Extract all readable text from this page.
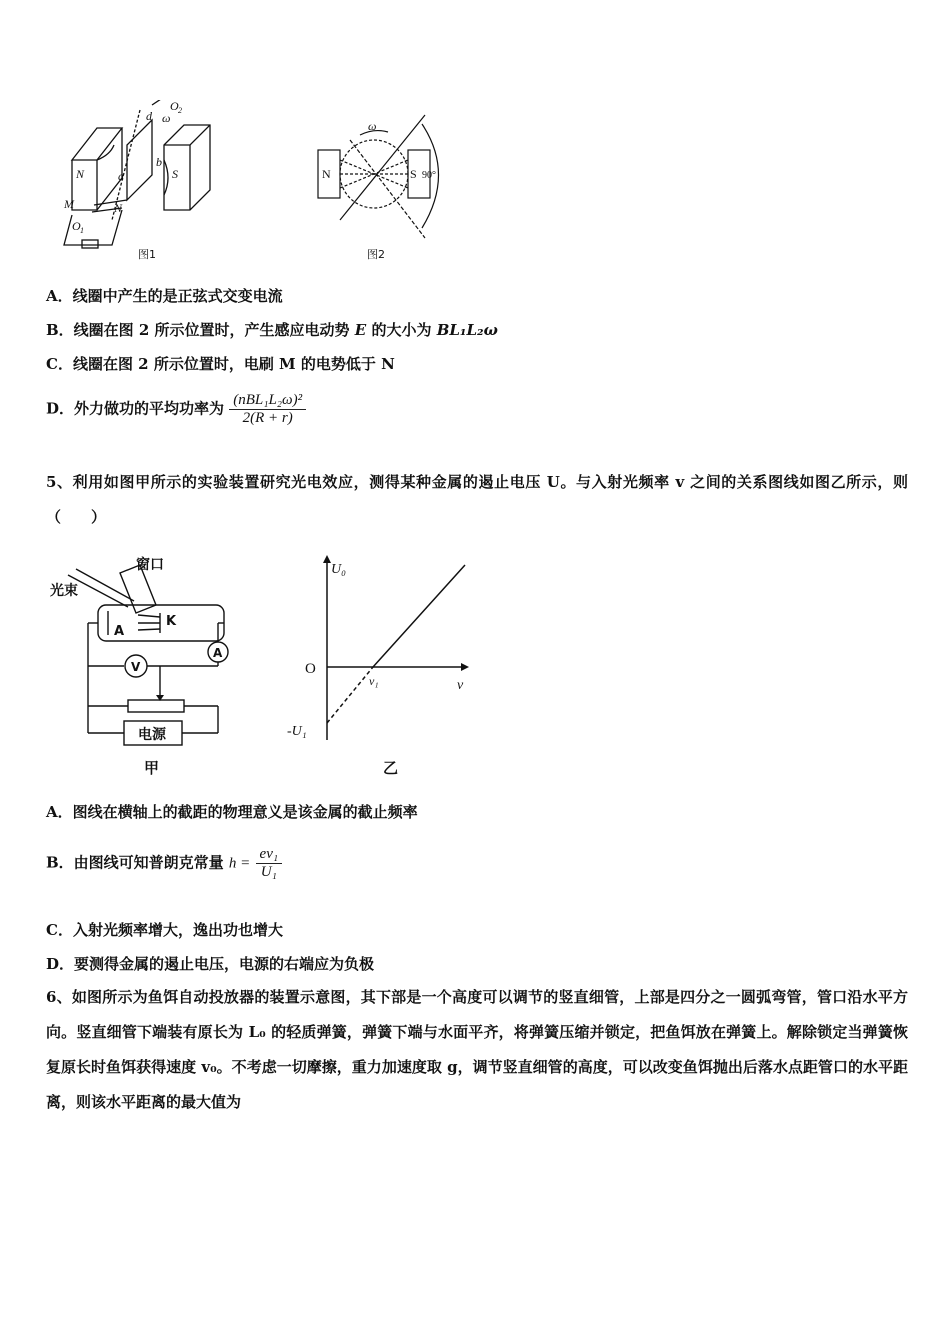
N	S
M	N
O 1
O 2
a
b
d ω
图1
N	S 90°
ω
图2
A．线圈中产生的是正弦式交变电流
B．线圈在图 2 所示位置时，产生感应电动势 E 的大小为 BL₁L₂ω
C．线圈在图 2 所示位置时，电刷 M 的电势低于 N
D．外力做功的平均功率为 $\frac{\text{(nBL₁L₂ω)²}}{2(R + r)}$
5、利用如图甲所示的实验装置研究光电效应，测得某种金属的遏止电压 U。与入射光频率 v 之间的关系图线如图乙所示，则（　　）
窗口
光束
A
K
V
A
电源
甲
U₀
v
O
v₁
-U₁
乙
A．图线在横轴上的截距的物理意义是该金属的截止频率
B．由图线可知普朗克常量 $h = \frac{\text{ev₁}}{\text{U₁}}$
C．入射光频率增大，逸出功也增大
D．要测得金属的遏止电压，电源的右端应为负极
6、如图所示为鱼饵自动投放器的装置示意图，其下部是一个高度可以调节的竖直细管，上部是四分之一圆弧弯管，管口沿水平方向。竖直细管下端装有原长为 L₀ 的轻质弹簧，弹簧下端与水面平齐，将弹簧压缩并锁定，把鱼饵放在弹簧上。解除锁定当弹簧恢复原长时鱼饵获得速度 v₀。不考虑一切摩擦，重力加速度取 g，调节竖直细管的高度，可以改变鱼饵抛出后落水点距管口的水平距离，则该水平距离的最大值为
